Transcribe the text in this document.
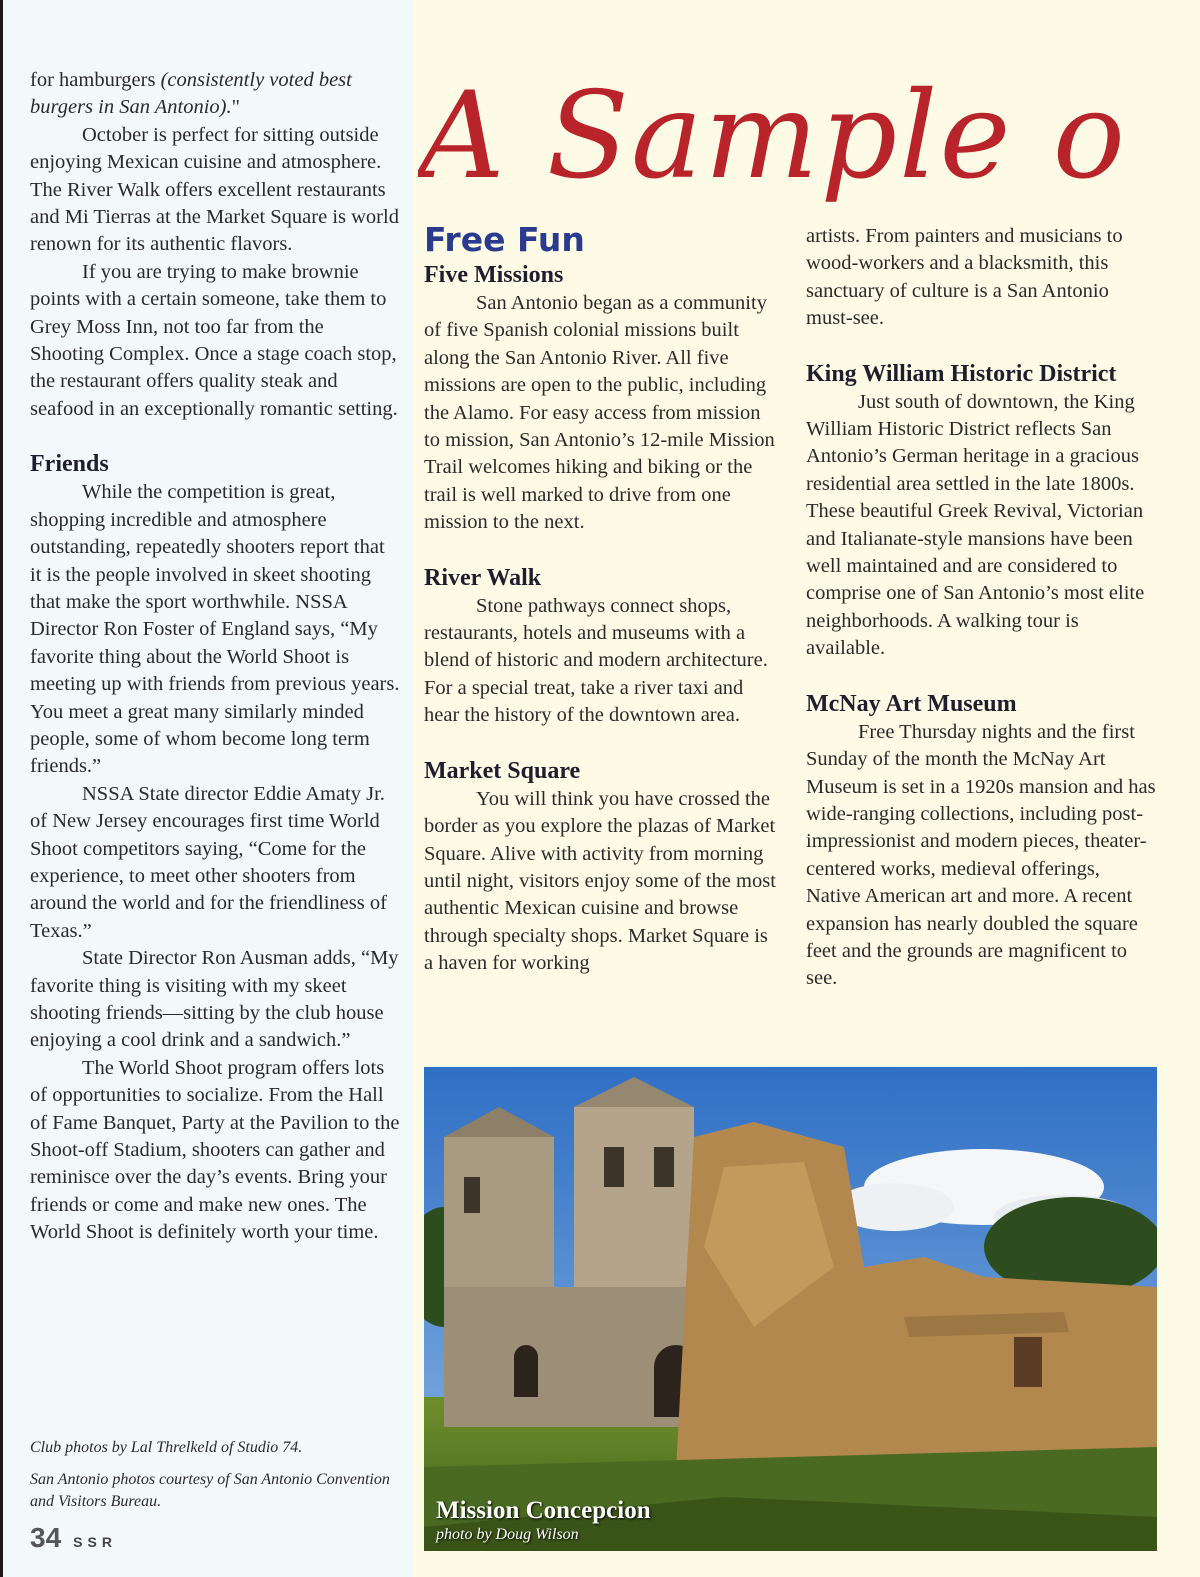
for hamburgers (consistently voted best burgers in San Antonio)."

October is perfect for sitting outside enjoying Mexican cuisine and atmosphere. The River Walk offers excellent restaurants and Mi Tierras at the Market Square is world renown for its authentic flavors.

If you are trying to make brownie points with a certain someone, take them to Grey Moss Inn, not too far from the Shooting Complex. Once a stage coach stop, the restaurant offers quality steak and seafood in an exceptionally romantic setting.

Friends

While the competition is great, shopping incredible and atmosphere outstanding, repeatedly shooters report that it is the people involved in skeet shooting that make the sport worthwhile. NSSA Director Ron Foster of England says, “My favorite thing about the World Shoot is meeting up with friends from previous years. You meet a great many similarly minded people, some of whom become long term friends.”

NSSA State director Eddie Amaty Jr. of New Jersey encourages first time World Shoot competitors saying, “Come for the experience, to meet other shooters from around the world and for the friendliness of Texas.”

State Director Ron Ausman adds, “My favorite thing is visiting with my skeet shooting friends—sitting by the club house enjoying a cool drink and a sandwich.”

The World Shoot program offers lots of opportunities to socialize. From the Hall of Fame Banquet, Party at the Pavilion to the Shoot-off Stadium, shooters can gather and reminisce over the day’s events. Bring your friends or come and make new ones. The World Shoot is definitely worth your time.

Club photos by Lal Threlkeld of Studio 74.

San Antonio photos courtesy of San Antonio Convention and Visitors Bureau.

34 SSR
A Sample o
Free Fun
Five Missions

San Antonio began as a community of five Spanish colonial missions built along the San Antonio River. All five missions are open to the public, including the Alamo. For easy access from mission to mission, San Antonio’s 12-mile Mission Trail welcomes hiking and biking or the trail is well marked to drive from one mission to the next.

River Walk

Stone pathways connect shops, restaurants, hotels and museums with a blend of historic and modern architecture. For a special treat, take a river taxi and hear the history of the downtown area.

Market Square

You will think you have crossed the border as you explore the plazas of Market Square. Alive with activity from morning until night, visitors enjoy some of the most authentic Mexican cuisine and browse through specialty shops. Market Square is a haven for working

artists. From painters and musicians to wood-workers and a blacksmith, this sanctuary of culture is a San Antonio must-see.

King William Historic District

Just south of downtown, the King William Historic District reflects San Antonio’s German heritage in a gracious residential area settled in the late 1800s. These beautiful Greek Revival, Victorian and Italianate-style mansions have been well maintained and are considered to comprise one of San Antonio’s most elite neighborhoods. A walking tour is available.

McNay Art Museum

Free Thursday nights and the first Sunday of the month the McNay Art Museum is set in a 1920s mansion and has wide-ranging collections, including post-impressionist and modern pieces, theater-centered works, medieval offerings, Native American art and more. A recent expansion has nearly doubled the square feet and the grounds are magnificent to see.

Mission Concepcion
photo by Doug Wilson
